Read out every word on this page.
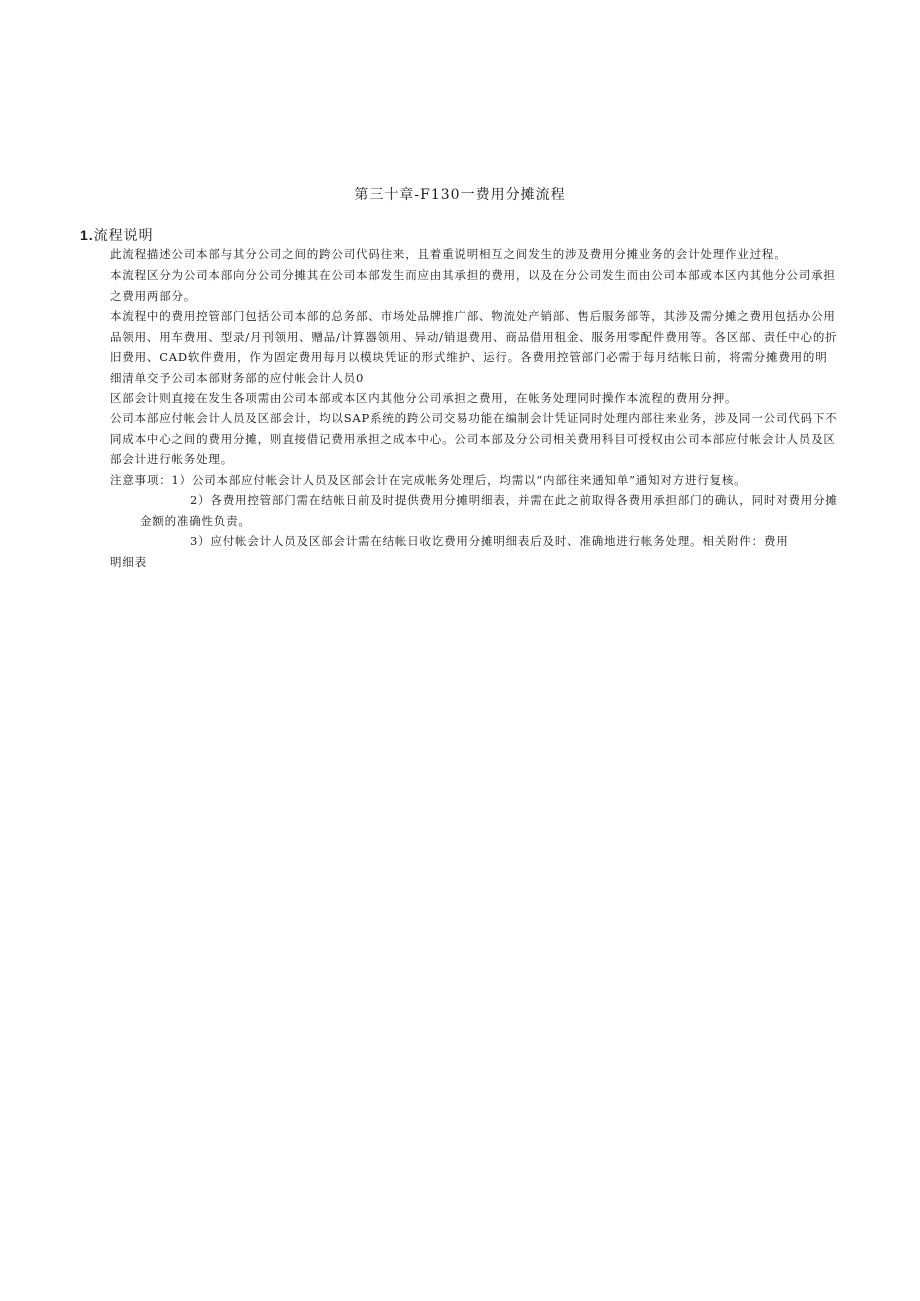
第三十章-F130一费用分摊流程
1.流程说明
此流程描述公司本部与其分公司之间的跨公司代码往来，且着重说明相互之间发生的涉及费用分摊业务的会计处理作业过程。
本流程区分为公司本部向分公司分摊其在公司本部发生而应由其承担的费用，以及在分公司发生而由公司本部或本区内其他分公司承担之费用两部分。
本流程中的费用控管部门包括公司本部的总务部、市场处品牌推广部、物流处产销部、售后服务部等，其涉及需分摊之费用包括办公用品领用、用车费用、型录/月刊领用、赠品/计算器领用、异动/销退费用、商品借用租金、服务用零配件费用等。各区部、责任中心的折旧费用、CAD软件费用，作为固定费用每月以模块凭证的形式维护、运行。各费用控管部门必需于每月结帐日前，将需分摊费用的明细清单交予公司本部财务部的应付帐会计人员0
区部会计则直接在发生各项需由公司本部或本区内其他分公司承担之费用，在帐务处理同时操作本流程的费用分押。
公司本部应付帐会计人员及区部会计，均以SAP系统的跨公司交易功能在编制会计凭证同时处理内部往来业务，涉及同一公司代码下不同成本中心之间的费用分摊，则直接借记费用承担之成本中心。公司本部及分公司相关费用科目可授权由公司本部应付帐会计人员及区部会计进行帐务处理。
注意事项：1）公司本部应付帐会计人员及区部会计在完成帐务处理后，均需以“内部往来通知单”通知对方进行复核。
2）各费用控管部门需在结帐日前及时提供费用分摊明细表，并需在此之前取得各费用承担部门的确认，同时对费用分摊金额的准确性负责。
3）应付帐会计人员及区部会计需在结帐日收讫费用分摊明细表后及时、准确地进行帐务处理。相关附件：费用
明细表
